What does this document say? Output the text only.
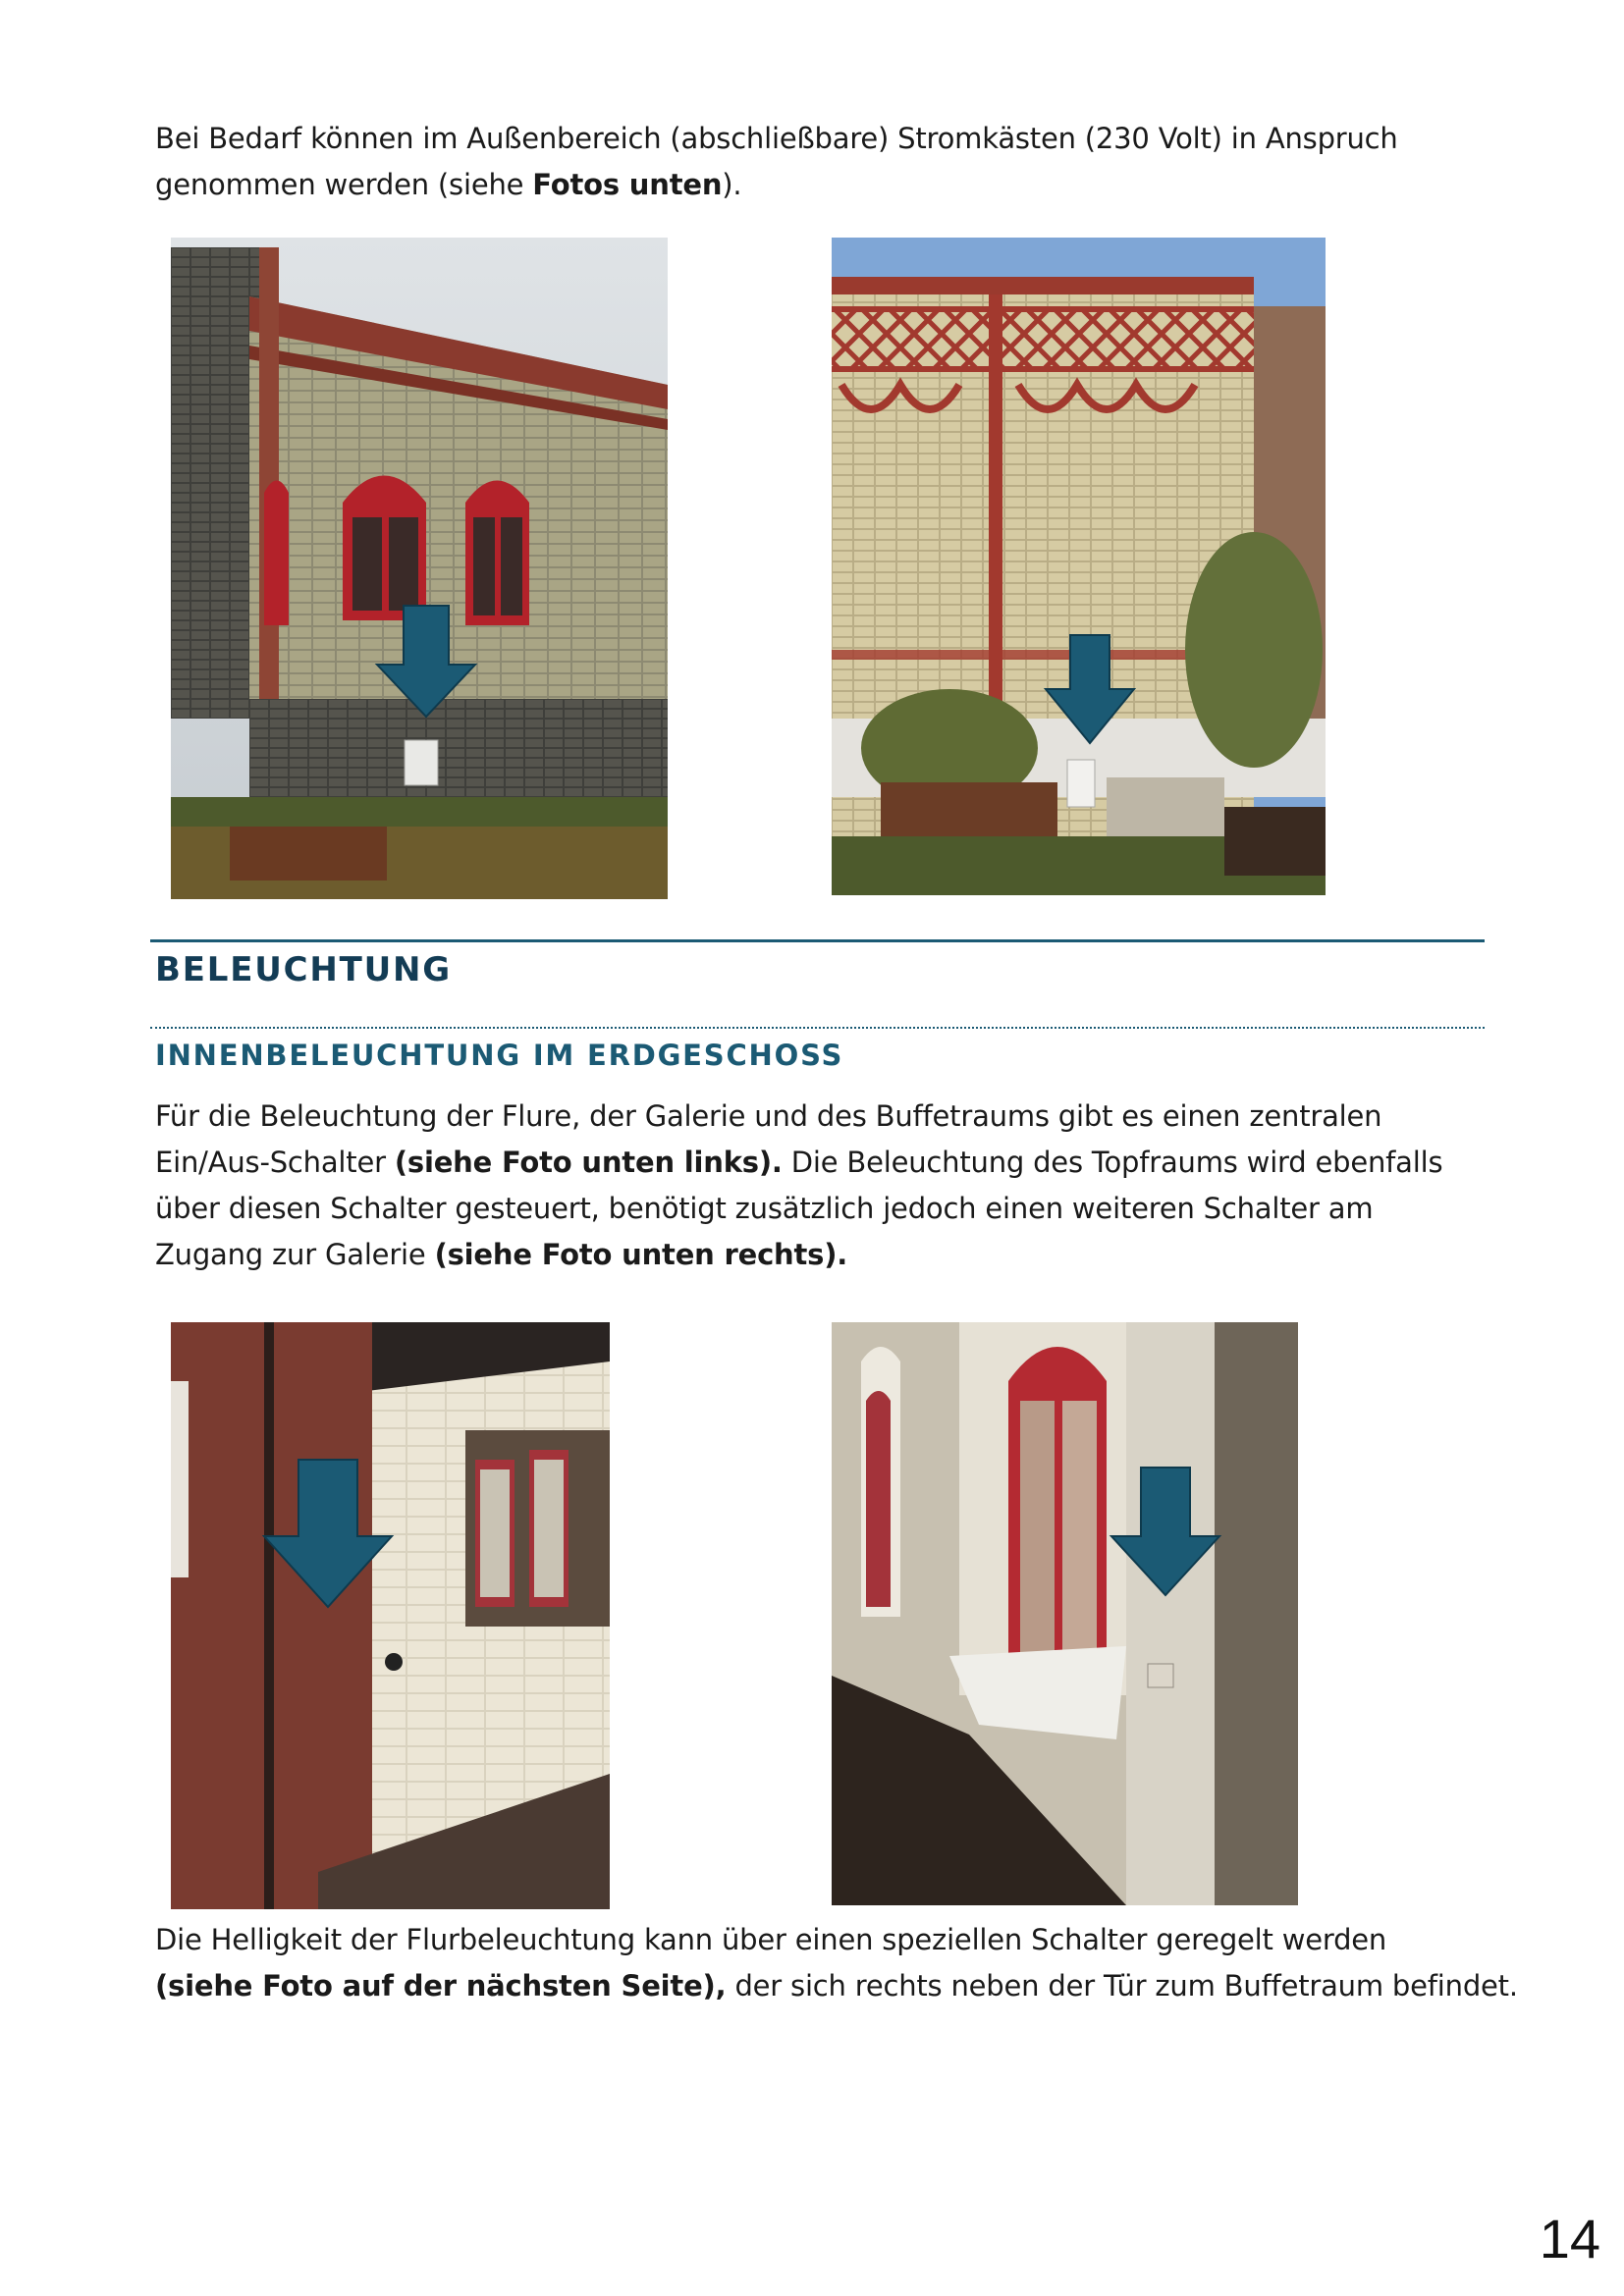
Bei Bedarf können im Außenbereich (abschließbare) Stromkästen (230 Volt) in Anspruch

genommen werden (siehe Fotos unten).

BELEUCHTUNG
INNENBELEUCHTUNG IM ERDGESCHOSS

Für die Beleuchtung der Flure, der Galerie und des Buffetraums gibt es einen zentralen

Ein/Aus-Schalter (siehe Foto unten links). Die Beleuchtung des Topfraums wird ebenfalls

über diesen Schalter gesteuert, benötigt zusätzlich jedoch einen weiteren Schalter am

Zugang zur Galerie (siehe Foto unten rechts).

Die Helligkeit der Flurbeleuchtung kann über einen speziellen Schalter geregelt werden

(siehe Foto auf der nächsten Seite), der sich rechts neben der Tür zum Buffetraum befindet.

14
